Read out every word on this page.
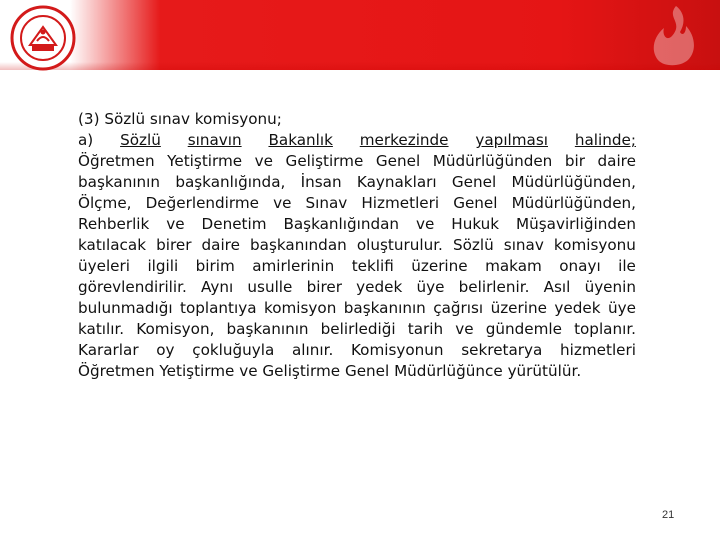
(3) Sözlü sınav komisyonu;
a) Sözlü sınavın Bakanlık merkezinde yapılması halinde;
Öğretmen Yetiştirme ve Geliştirme Genel Müdürlüğünden bir daire
başkanının başkanlığında, İnsan Kaynakları Genel Müdürlüğünden,
Ölçme, Değerlendirme ve Sınav Hizmetleri Genel Müdürlüğünden,
Rehberlik ve Denetim Başkanlığından ve Hukuk Müşavirliğinden
katılacak birer daire başkanından oluşturulur. Sözlü sınav komisyonu
üyeleri ilgili birim amirlerinin teklifi üzerine makam onayı ile
görevlendirilir. Aynı usulle birer yedek üye belirlenir. Asıl üyenin
bulunmadığı toplantıya komisyon başkanının çağrısı üzerine yedek üye
katılır. Komisyon, başkanının belirlediği tarih ve gündemle toplanır.
Kararlar oy çokluğuyla alınır. Komisyonun sekretarya hizmetleri
Öğretmen Yetiştirme ve Geliştirme Genel Müdürlüğünce yürütülür.
21
